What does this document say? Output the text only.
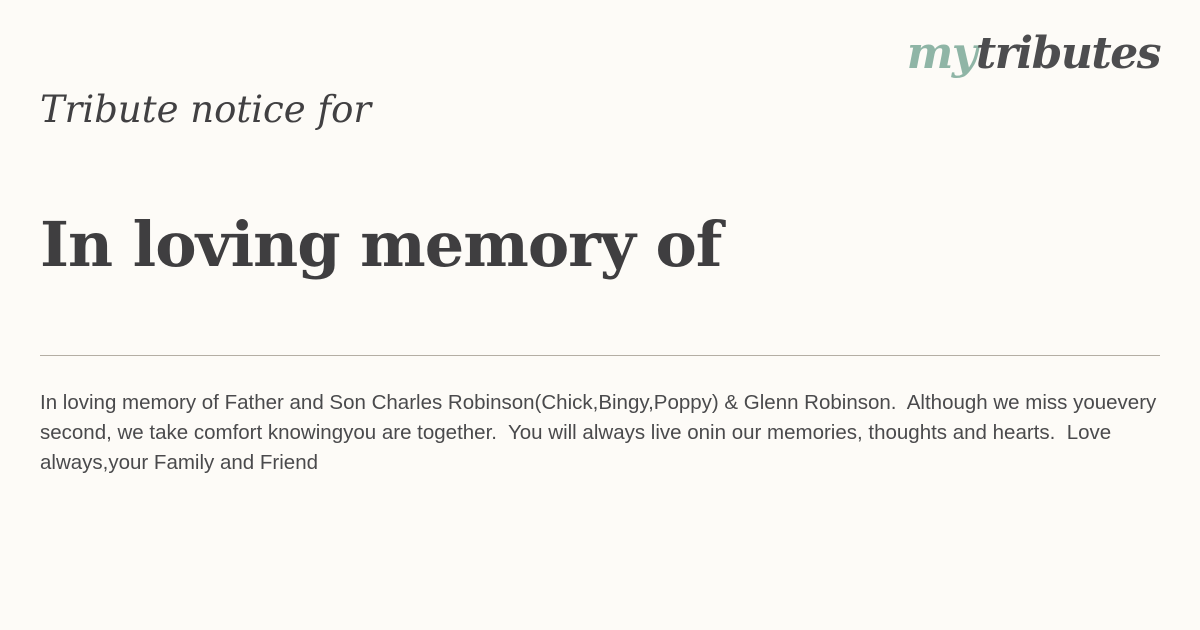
mytributes
Tribute notice for
In loving memory of

In loving memory of Father and Son Charles Robinson(Chick,Bingy,Poppy) & Glenn Robinson.  Although we miss youevery second, we take comfort knowingyou are together.  You will always live onin our memories, thoughts and hearts.  Love always,your Family and Friend
